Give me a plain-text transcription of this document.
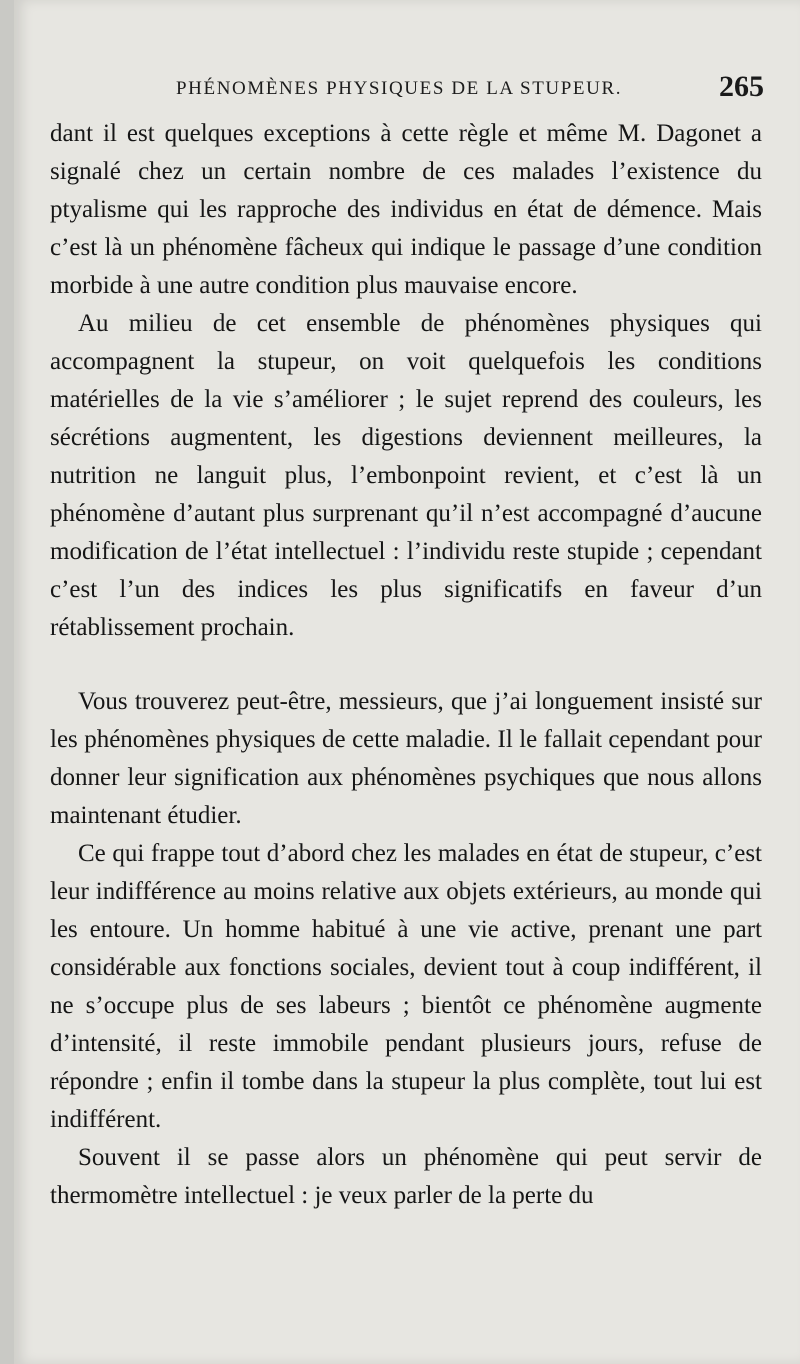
PHÉNOMÈNES PHYSIQUES DE LA STUPEUR.	265

dant il est quelques exceptions à cette règle et même M. Dagonet a signalé chez un certain nombre de ces malades l’existence du ptyalisme qui les rapproche des individus en état de démence. Mais c’est là un phénomène fâcheux qui indique le passage d’une condition morbide à une autre condition plus mauvaise encore.

Au milieu de cet ensemble de phénomènes physiques qui accompagnent la stupeur, on voit quelquefois les conditions matérielles de la vie s’améliorer ; le sujet reprend des couleurs, les sécrétions augmentent, les digestions deviennent meilleures, la nutrition ne languit plus, l’embonpoint revient, et c’est là un phénomène d’autant plus surprenant qu’il n’est accompagné d’aucune modification de l’état intellectuel : l’individu reste stupide ; cependant c’est l’un des indices les plus significatifs en faveur d’un rétablissement prochain.

Vous trouverez peut-être, messieurs, que j’ai longuement insisté sur les phénomènes physiques de cette maladie. Il le fallait cependant pour donner leur signification aux phénomènes psychiques que nous allons maintenant étudier.

Ce qui frappe tout d’abord chez les malades en état de stupeur, c’est leur indifférence au moins relative aux objets extérieurs, au monde qui les entoure. Un homme habitué à une vie active, prenant une part considérable aux fonctions sociales, devient tout à coup indifférent, il ne s’occupe plus de ses labeurs ; bientôt ce phénomène augmente d’intensité, il reste immobile pendant plusieurs jours, refuse de répondre ; enfin il tombe dans la stupeur la plus complète, tout lui est indifférent.

Souvent il se passe alors un phénomène qui peut servir de thermomètre intellectuel : je veux parler de la perte du
